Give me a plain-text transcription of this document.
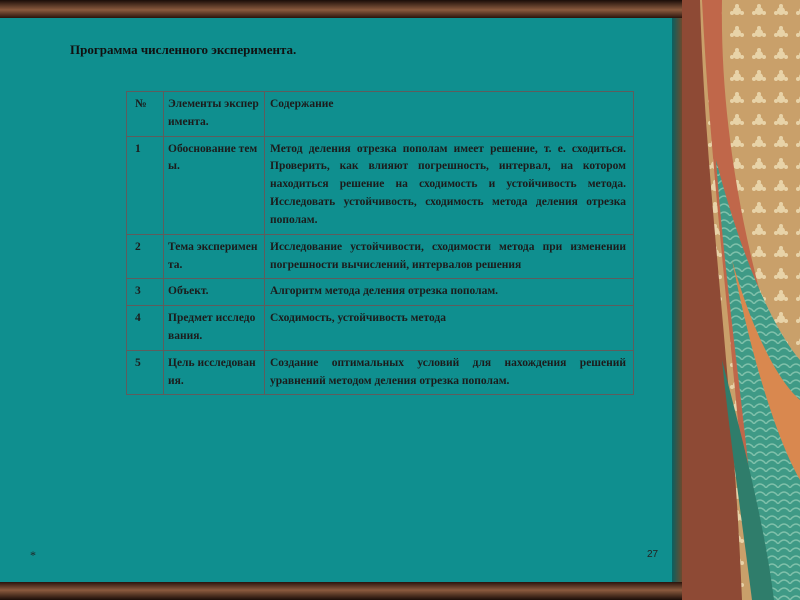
Программа численного эксперимента.
№	Элементы эксперимента.	Содержание
1	Обоснование темы.	Метод деления отрезка пополам имеет решение, т. е. сходиться. Проверить, как влияют погрешность, интервал, на котором находиться решение на сходимость и устойчивость метода. Исследовать устойчивость, сходимость метода деления отрезка пополам.
2	Тема эксперимента.	Исследование устойчивости, сходимости метода при изменении погрешности вычислений, интервалов решения
3	Объект.	Алгоритм метода деления отрезка пополам.
4	Предмет исследования.	Сходимость, устойчивость метода
5	Цель исследования.	Создание оптимальных условий для нахождения решений уравнений методом деления отрезка пополам.
*	27
